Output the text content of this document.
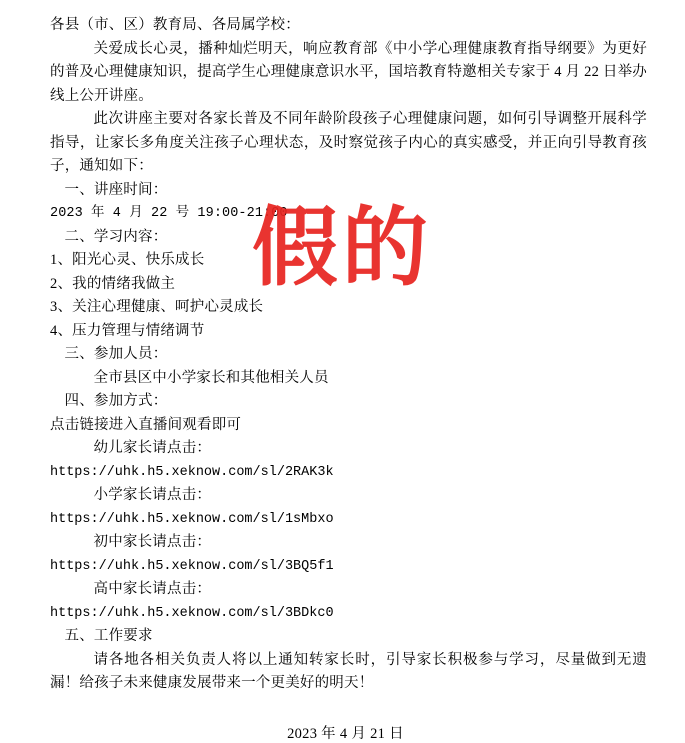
各县（市、区）教育局、各局属学校：
关爱成长心灵，播种灿烂明天，响应教育部《中小学心理健康教育指导纲要》为更好的普及心理健康知识，提高学生心理健康意识水平，国培教育特邀相关专家于 4 月 22 日举办线上公开讲座。
此次讲座主要对各家长普及不同年龄阶段孩子心理健康问题，如何引导调整开展科学指导，让家长多角度关注孩子心理状态，及时察觉孩子内心的真实感受，并正向引导教育孩子，通知如下：
一、讲座时间：
2023 年 4 月 22 号 19:00-21:00
二、学习内容：
1、阳光心灵、快乐成长
2、我的情绪我做主
3、关注心理健康、呵护心灵成长
4、压力管理与情绪调节
三、参加人员：
全市县区中小学家长和其他相关人员
四、参加方式：
点击链接进入直播间观看即可
幼儿家长请点击：
https://uhk.h5.xeknow.com/sl/2RAK3k
小学家长请点击：
https://uhk.h5.xeknow.com/sl/1sMbxo
初中家长请点击：
https://uhk.h5.xeknow.com/sl/3BQ5f1
高中家长请点击：
https://uhk.h5.xeknow.com/sl/3BDkc0
五、工作要求
请各地各相关负责人将以上通知转家长时，引导家长积极参与学习，尽量做到无遗漏！给孩子未来健康发展带来一个更美好的明天！
2023 年 4 月 21 日
假的
